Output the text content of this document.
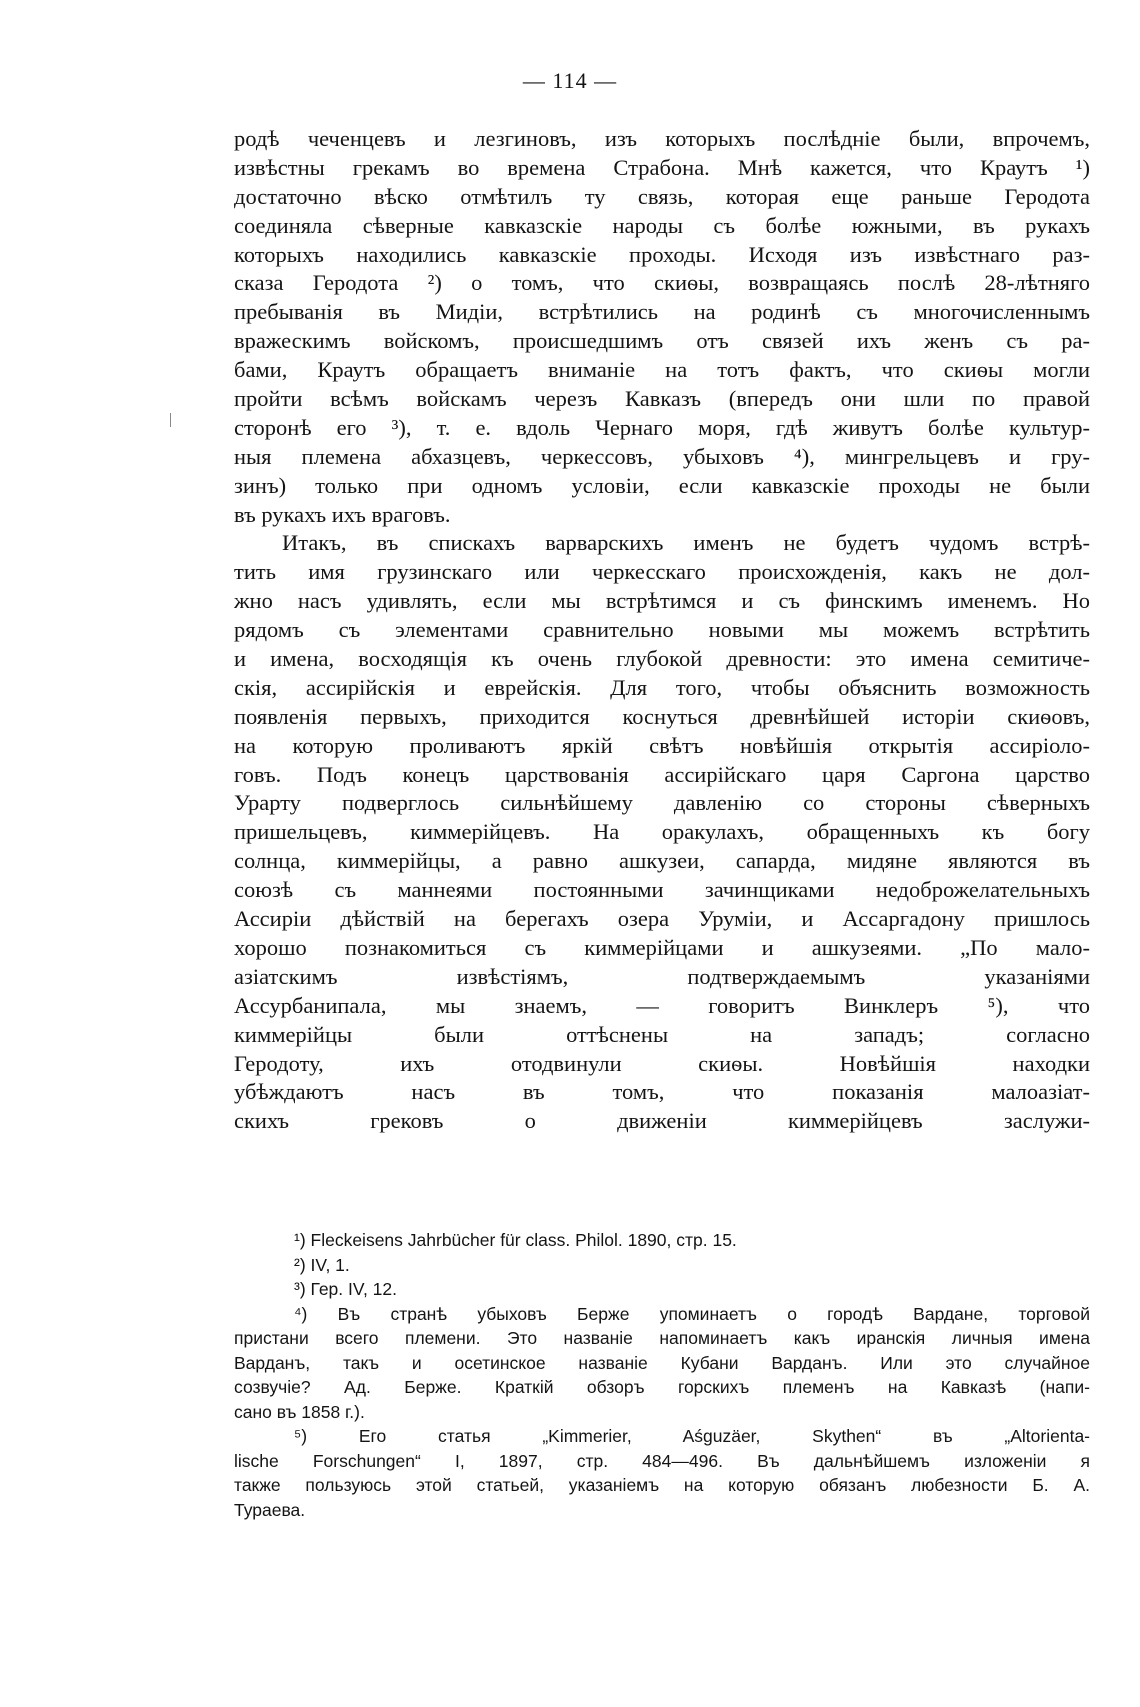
— 114 —
родѣ чеченцевъ и лезгиновъ, изъ которыхъ послѣднiе были, впрочемъ,
извѣстны грекамъ во времена Страбона. Мнѣ кажется, что Краутъ ¹)
достаточно вѣско отмѣтилъ ту связь, которая еще раньше Геродота
соединяла сѣверные кавказскiе народы съ болѣе южными, въ рукахъ
которыхъ находились кавказскiе проходы. Исходя изъ извѣстнаго раз-
сказа Геродота ²) о томъ, что скиѳы, возвращаясь послѣ 28-лѣтняго
пребыванiя въ Мидiи, встрѣтились на родинѣ съ многочисленнымъ
вражескимъ войскомъ, происшедшимъ отъ связей ихъ женъ съ ра-
бами, Краутъ обращаетъ вниманiе на тотъ фактъ, что скиѳы могли
пройти всѣмъ войскамъ черезъ Кавказъ (впередъ они шли по правой
сторонѣ его ³), т. е. вдоль Чернаго моря, гдѣ живутъ болѣе культур-
ныя племена абхазцевъ, черкессовъ, убыховъ ⁴), мингрельцевъ и гру-
зинъ) только при одномъ условiи, если кавказскiе проходы не были
въ рукахъ ихъ враговъ.
Итакъ, въ спискахъ варварскихъ именъ не будетъ чудомъ встрѣ-
тить имя грузинскаго или черкесскаго происхожденiя, какъ не дол-
жно насъ удивлять, если мы встрѣтимся и съ финскимъ именемъ. Но
рядомъ съ элементами сравнительно новыми мы можемъ встрѣтить
и имена, восходящiя къ очень глубокой древности: это имена семитиче-
скiя, ассирiйскiя и еврейскiя. Для того, чтобы объяснить возможность
появленiя первыхъ, приходится коснуться древнѣйшей исторiи скиѳовъ,
на которую проливаютъ яркiй свѣтъ новѣйшiя открытiя ассирiоло-
говъ. Подъ конецъ царствованiя ассирiйскаго царя Саргона царство
Урарту подверглось сильнѣйшему давленiю со стороны сѣверныхъ
пришельцевъ, киммерiйцевъ. На оракулахъ, обращенныхъ къ богу
солнца, киммерiйцы, а равно ашкузеи, сапарда, мидяне являются въ
союзѣ съ маннеями постоянными зачинщиками недоброжелательныхъ
Ассирiи дѣйствiй на берегахъ озера Урумiи, и Ассаргадону пришлось
хорошо познакомиться съ киммерiйцами и ашкузеями. „По мало-
азiатскимъ извѣстiямъ, подтверждаемымъ указанiями
Ассурбанипала, мы знаемъ, — говоритъ Винклеръ ⁵), что
киммерiйцы были оттѣснены на западъ; согласно
Геродоту, ихъ отодвинули скиѳы. Новѣйшiя находки
убѣждаютъ насъ въ томъ, что показанiя малоазiат-
скихъ грековъ о движенiи киммерiйцевъ заслужи-
¹) Fleckeisens Jahrbücher für class. Philol. 1890, стр. 15.
²) IV, 1.
³) Гер. IV, 12.
⁴) Въ странѣ убыховъ Берже упоминаетъ о городѣ Вардане, торговой
пристани всего племени. Это названiе напоминаетъ какъ иранскiя личныя имена
Варданъ, такъ и осетинское названiе Кубани Варданъ. Или это случайное
созвучiе? Ад. Берже. Краткiй обзоръ горскихъ племенъ на Кавказѣ (напи-
сано въ 1858 г.).
⁵) Его статья „Kimmerier, Aśguzäer, Skythen“ въ „Altorientа-
lische Forschungen“ I, 1897, стр. 484—496. Въ дальнѣйшемъ изложенiи я
также пользуюсь этой статьей, указанiемъ на которую обязанъ любезности Б. А.
Тураева.
